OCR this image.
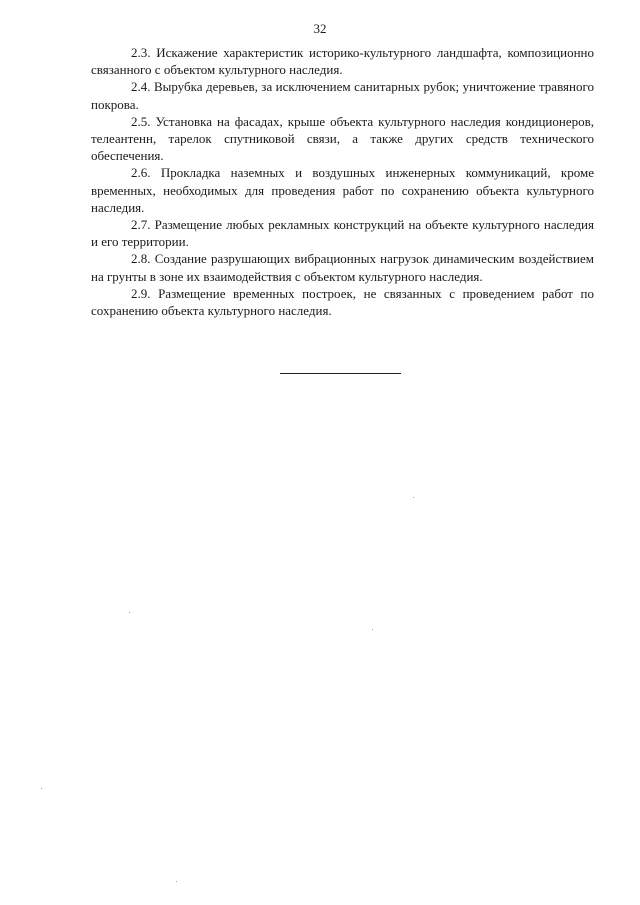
32

2.3. Искажение характеристик историко-культурного ландшафта, композиционно связанного с объектом культурного наследия.

2.4. Вырубка деревьев, за исключением санитарных рубок; уничтожение травяного покрова.

2.5. Установка на фасадах, крыше объекта культурного наследия кондиционеров, телеантенн, тарелок спутниковой связи, а также других средств технического обеспечения.

2.6. Прокладка наземных и воздушных инженерных коммуникаций, кроме временных, необходимых для проведения работ по сохранению объекта культурного наследия.

2.7. Размещение любых рекламных конструкций на объекте культурного наследия и его территории.

2.8. Создание разрушающих вибрационных нагрузок динамическим воздействием на грунты в зоне их взаимодействия с объектом культурного наследия.

2.9. Размещение временных построек, не связанных с проведением работ по сохранению объекта культурного наследия.
